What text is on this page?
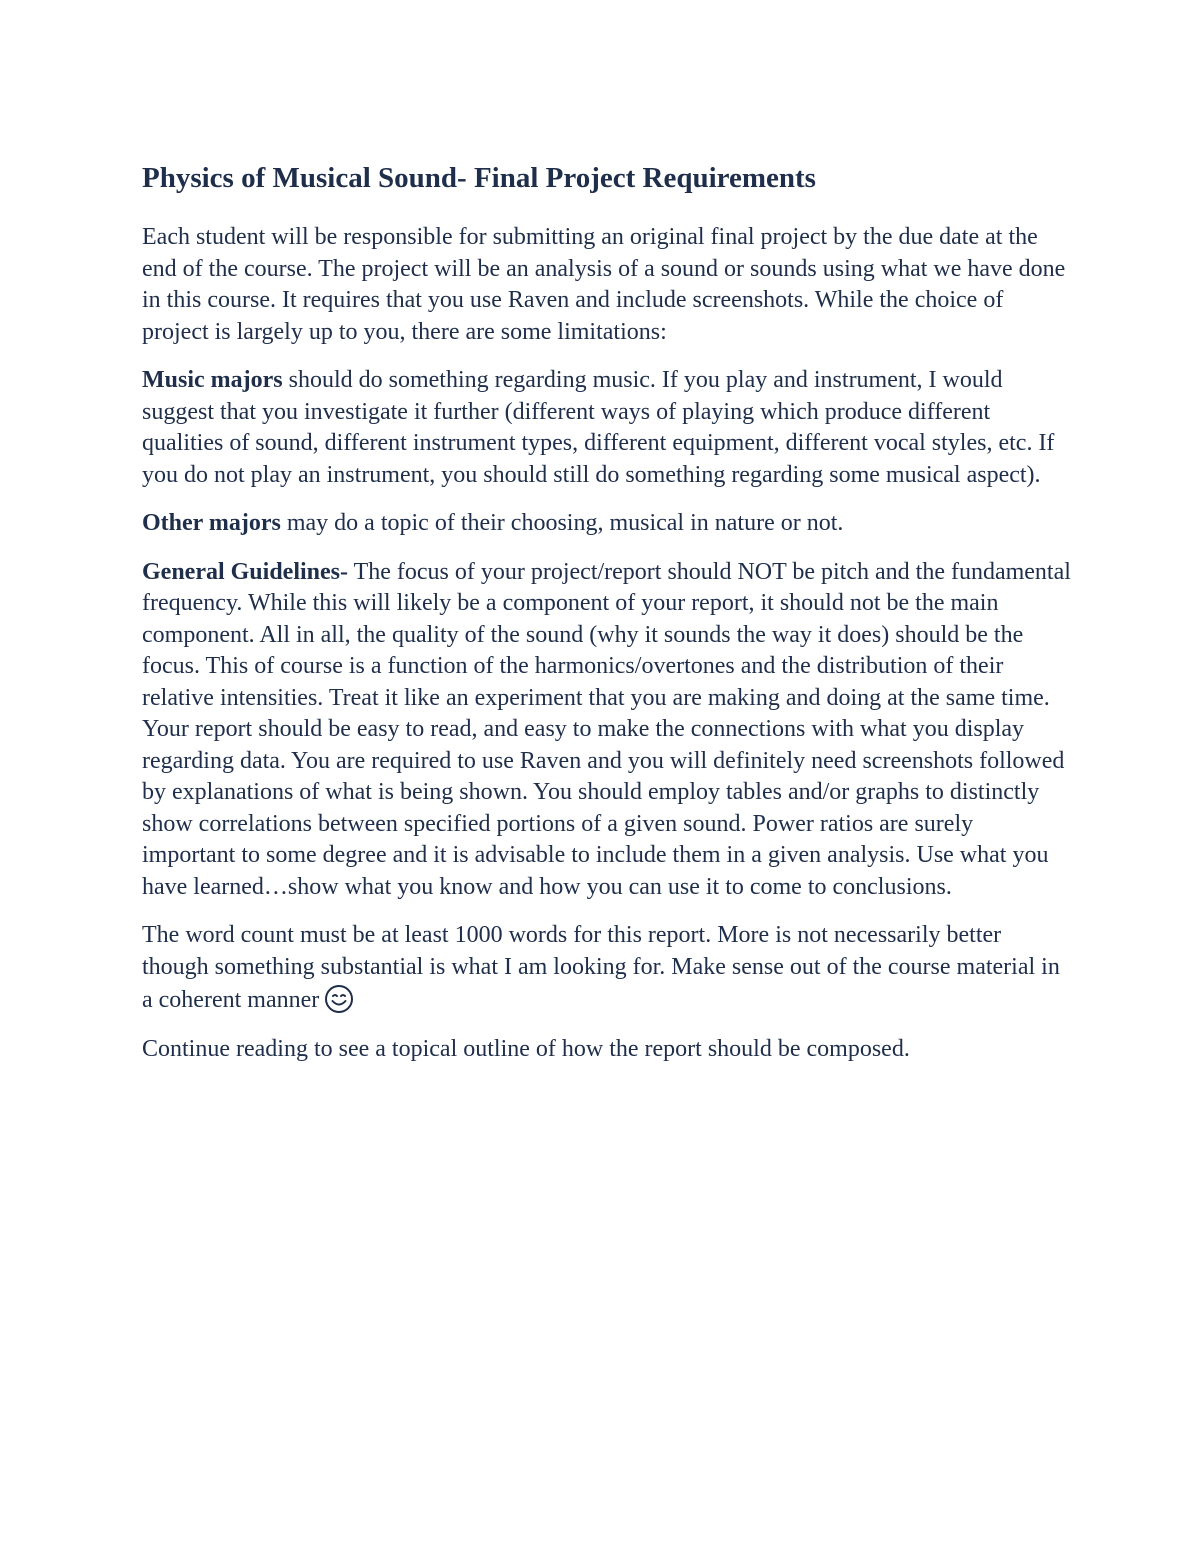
Physics of Musical Sound- Final Project Requirements

Each student will be responsible for submitting an original final project by the due date at the end of the course. The project will be an analysis of a sound or sounds using what we have done in this course. It requires that you use Raven and include screenshots. While the choice of project is largely up to you, there are some limitations:

Music majors should do something regarding music. If you play and instrument, I would suggest that you investigate it further (different ways of playing which produce different qualities of sound, different instrument types, different equipment, different vocal styles, etc. If you do not play an instrument, you should still do something regarding some musical aspect).

Other majors may do a topic of their choosing, musical in nature or not.

General Guidelines- The focus of your project/report should NOT be pitch and the fundamental frequency. While this will likely be a component of your report, it should not be the main component. All in all, the quality of the sound (why it sounds the way it does) should be the focus. This of course is a function of the harmonics/overtones and the distribution of their relative intensities. Treat it like an experiment that you are making and doing at the same time. Your report should be easy to read, and easy to make the connections with what you display regarding data. You are required to use Raven and you will definitely need screenshots followed by explanations of what is being shown. You should employ tables and/or graphs to distinctly show correlations between specified portions of a given sound. Power ratios are surely important to some degree and it is advisable to include them in a given analysis. Use what you have learned…show what you know and how you can use it to come to conclusions.

The word count must be at least 1000 words for this report. More is not necessarily better though something substantial is what I am looking for. Make sense out of the course material in a coherent manner

Continue reading to see a topical outline of how the report should be composed.
